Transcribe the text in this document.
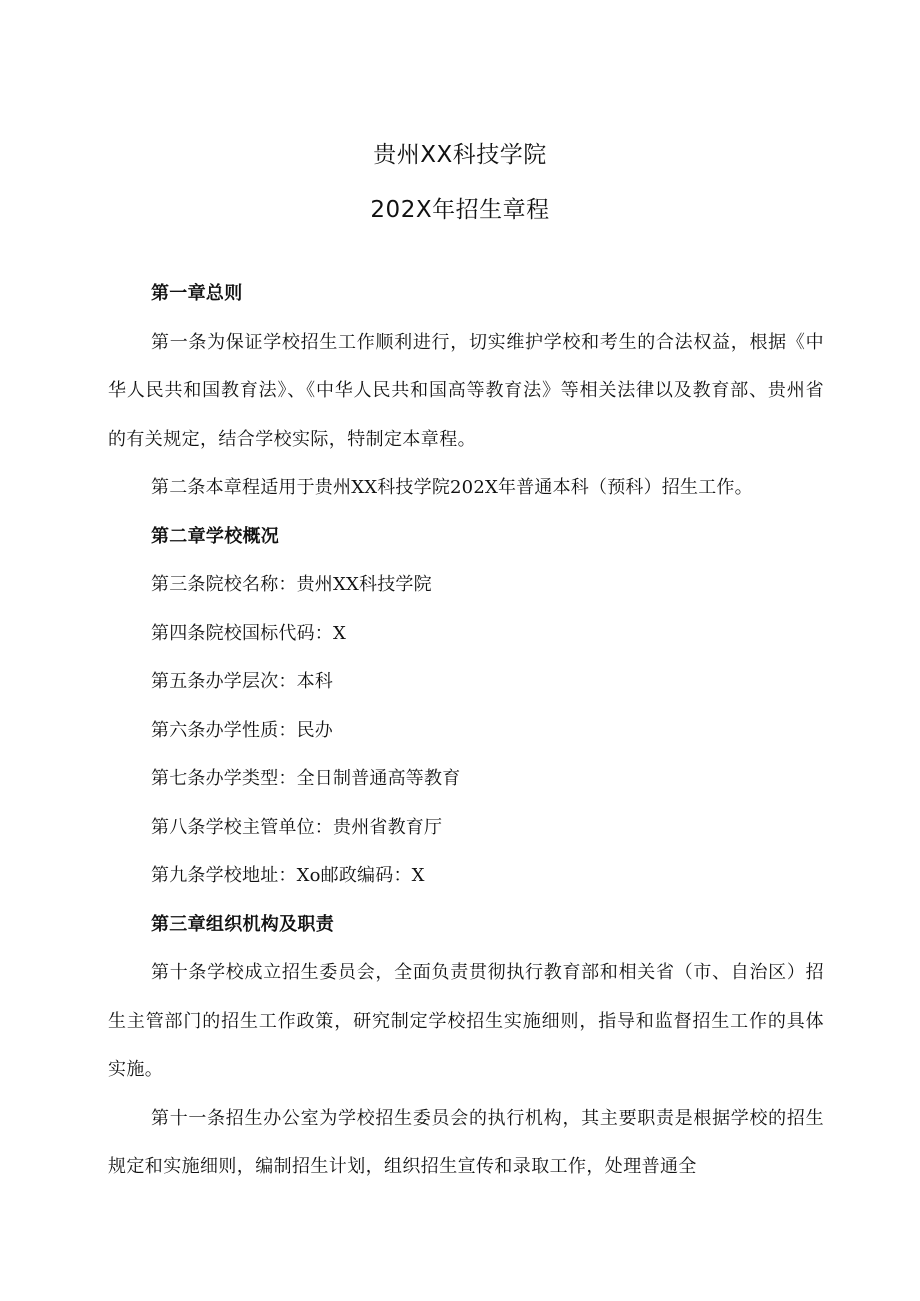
贵州XX科技学院
202X年招生章程
第一章总则
第一条为保证学校招生工作顺利进行，切实维护学校和考生的合法权益，根据《中华人民共和国教育法》、《中华人民共和国高等教育法》等相关法律以及教育部、贵州省的有关规定，结合学校实际，特制定本章程。
第二条本章程适用于贵州XX科技学院202X年普通本科（预科）招生工作。
第二章学校概况
第三条院校名称：贵州XX科技学院
第四条院校国标代码：X
第五条办学层次：本科
第六条办学性质：民办
第七条办学类型：全日制普通高等教育
第八条学校主管单位：贵州省教育厅
第九条学校地址：Xo邮政编码：X
第三章组织机构及职责
第十条学校成立招生委员会，全面负责贯彻执行教育部和相关省（市、自治区）招生主管部门的招生工作政策，研究制定学校招生实施细则，指导和监督招生工作的具体实施。
第十一条招生办公室为学校招生委员会的执行机构，其主要职责是根据学校的招生规定和实施细则，编制招生计划，组织招生宣传和录取工作，处理普通全
